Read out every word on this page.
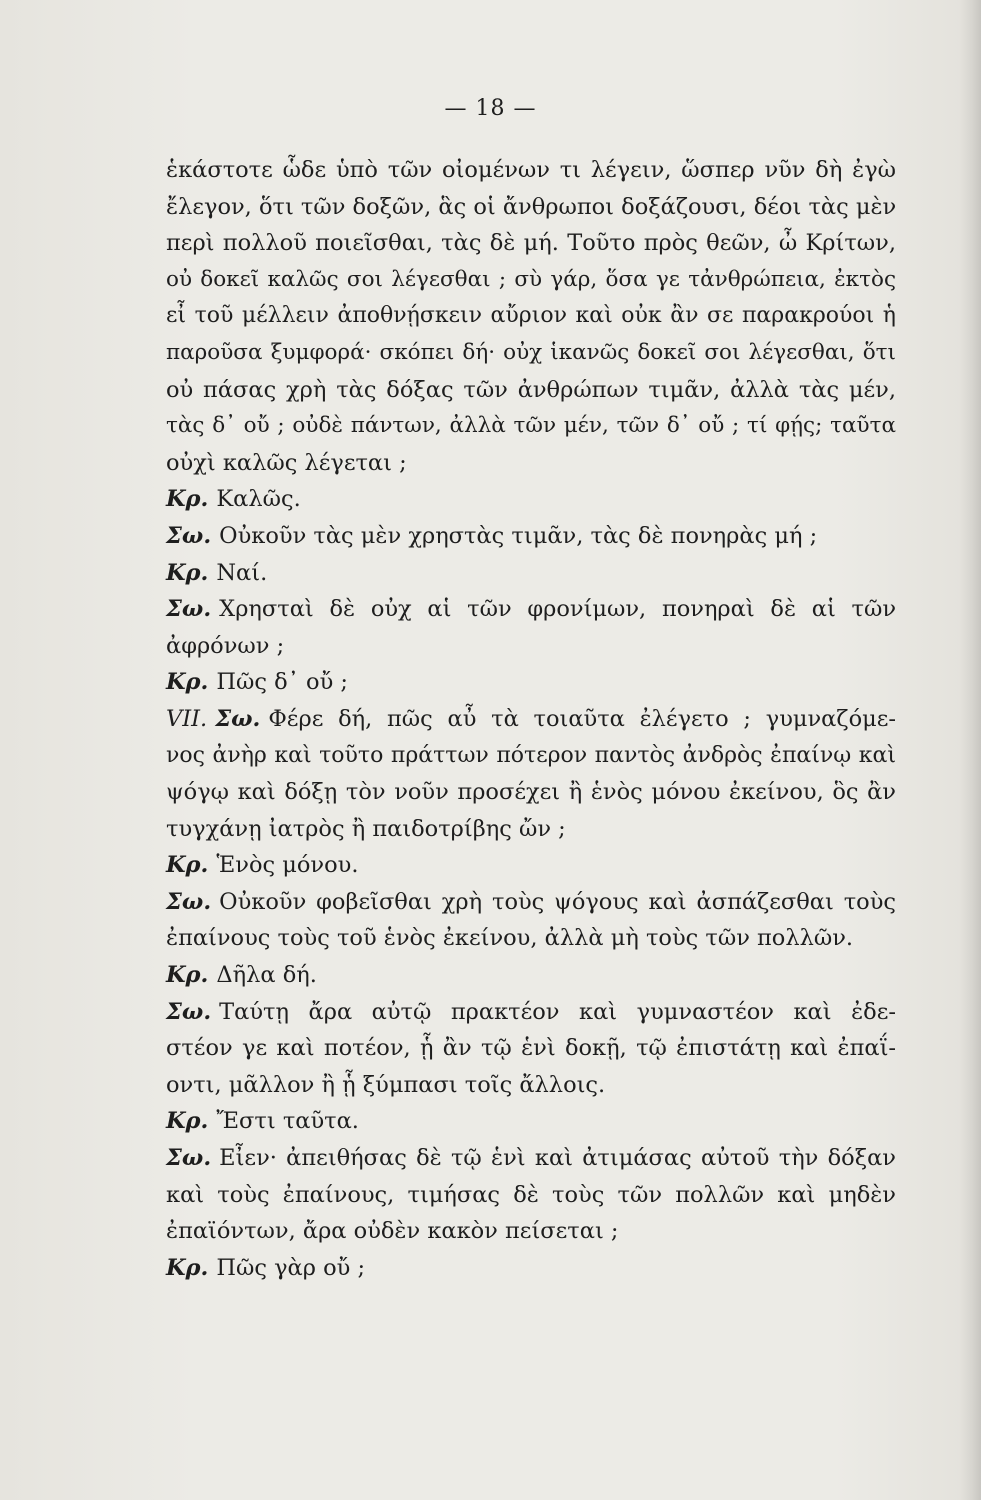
— 18 —
ἑκάστοτε ὧδε ὑπὸ τῶν οἰομένων τι λέγειν, ὥσπερ νῦν δὴ ἐγὼ
ἔλεγον, ὅτι τῶν δοξῶν, ἃς οἱ ἄνθρωποι δοξάζουσι, δέοι τὰς μὲν
περὶ πολλοῦ ποιεῖσθαι, τὰς δὲ μή. Τοῦτο πρὸς θεῶν, ὦ Κρίτων,
οὐ δοκεῖ καλῶς σοι λέγεσθαι ; σὺ γάρ, ὅσα γε τἀνθρώπεια, ἐκτὸς
εἶ τοῦ μέλλειν ἀποθνῄσκειν αὔριον καὶ οὐκ ἂν σε παρακρούοι ἡ
παροῦσα ξυμφορά· σκόπει δή· οὐχ ἱκανῶς δοκεῖ σοι λέγεσθαι, ὅτι
οὐ πάσας χρὴ τὰς δόξας τῶν ἀνθρώπων τιμᾶν, ἀλλὰ τὰς μέν,
τὰς δ᾽ οὔ ; οὐδὲ πάντων, ἀλλὰ τῶν μέν, τῶν δ᾽ οὔ ; τί φῄς; ταῦτα
οὐχὶ καλῶς λέγεται ;
Κρ. Καλῶς.
Σω. Οὐκοῦν τὰς μὲν χρηστὰς τιμᾶν, τὰς δὲ πονηρὰς μή ;
Κρ. Ναί.
Σω. Χρησταὶ δὲ οὐχ αἱ τῶν φρονίμων, πονηραὶ δὲ αἱ τῶν
ἀφρόνων ;
Κρ. Πῶς δ᾽ οὔ ;
VII. Σω. Φέρε δή, πῶς αὖ τὰ τοιαῦτα ἐλέγετο ; γυμναζόμε-
νος ἀνὴρ καὶ τοῦτο πράττων πότερον παντὸς ἀνδρὸς ἐπαίνῳ καὶ
ψόγῳ καὶ δόξῃ τὸν νοῦν προσέχει ἢ ἑνὸς μόνου ἐκείνου, ὃς ἂν
τυγχάνῃ ἰατρὸς ἢ παιδοτρίβης ὤν ;
Κρ. Ἑνὸς μόνου.
Σω. Οὐκοῦν φοβεῖσθαι χρὴ τοὺς ψόγους καὶ ἀσπάζεσθαι τοὺς
ἐπαίνους τοὺς τοῦ ἑνὸς ἐκείνου, ἀλλὰ μὴ τοὺς τῶν πολλῶν.
Κρ. Δῆλα δή.
Σω. Ταύτῃ ἄρα αὐτῷ πρακτέον καὶ γυμναστέον καὶ ἐδε-
στέον γε καὶ ποτέον, ᾗ ἂν τῷ ἑνὶ δοκῇ, τῷ ἐπιστάτῃ καὶ ἐπαΐ-
οντι, μᾶλλον ἢ ᾗ ξύμπασι τοῖς ἄλλοις.
Κρ. Ἔστι ταῦτα.
Σω. Εἶεν· ἀπειθήσας δὲ τῷ ἑνὶ καὶ ἀτιμάσας αὐτοῦ τὴν δόξαν
καὶ τοὺς ἐπαίνους, τιμήσας δὲ τοὺς τῶν πολλῶν καὶ μηδὲν
ἐπαϊόντων, ἄρα οὐδὲν κακὸν πείσεται ;
Κρ. Πῶς γὰρ οὔ ;
